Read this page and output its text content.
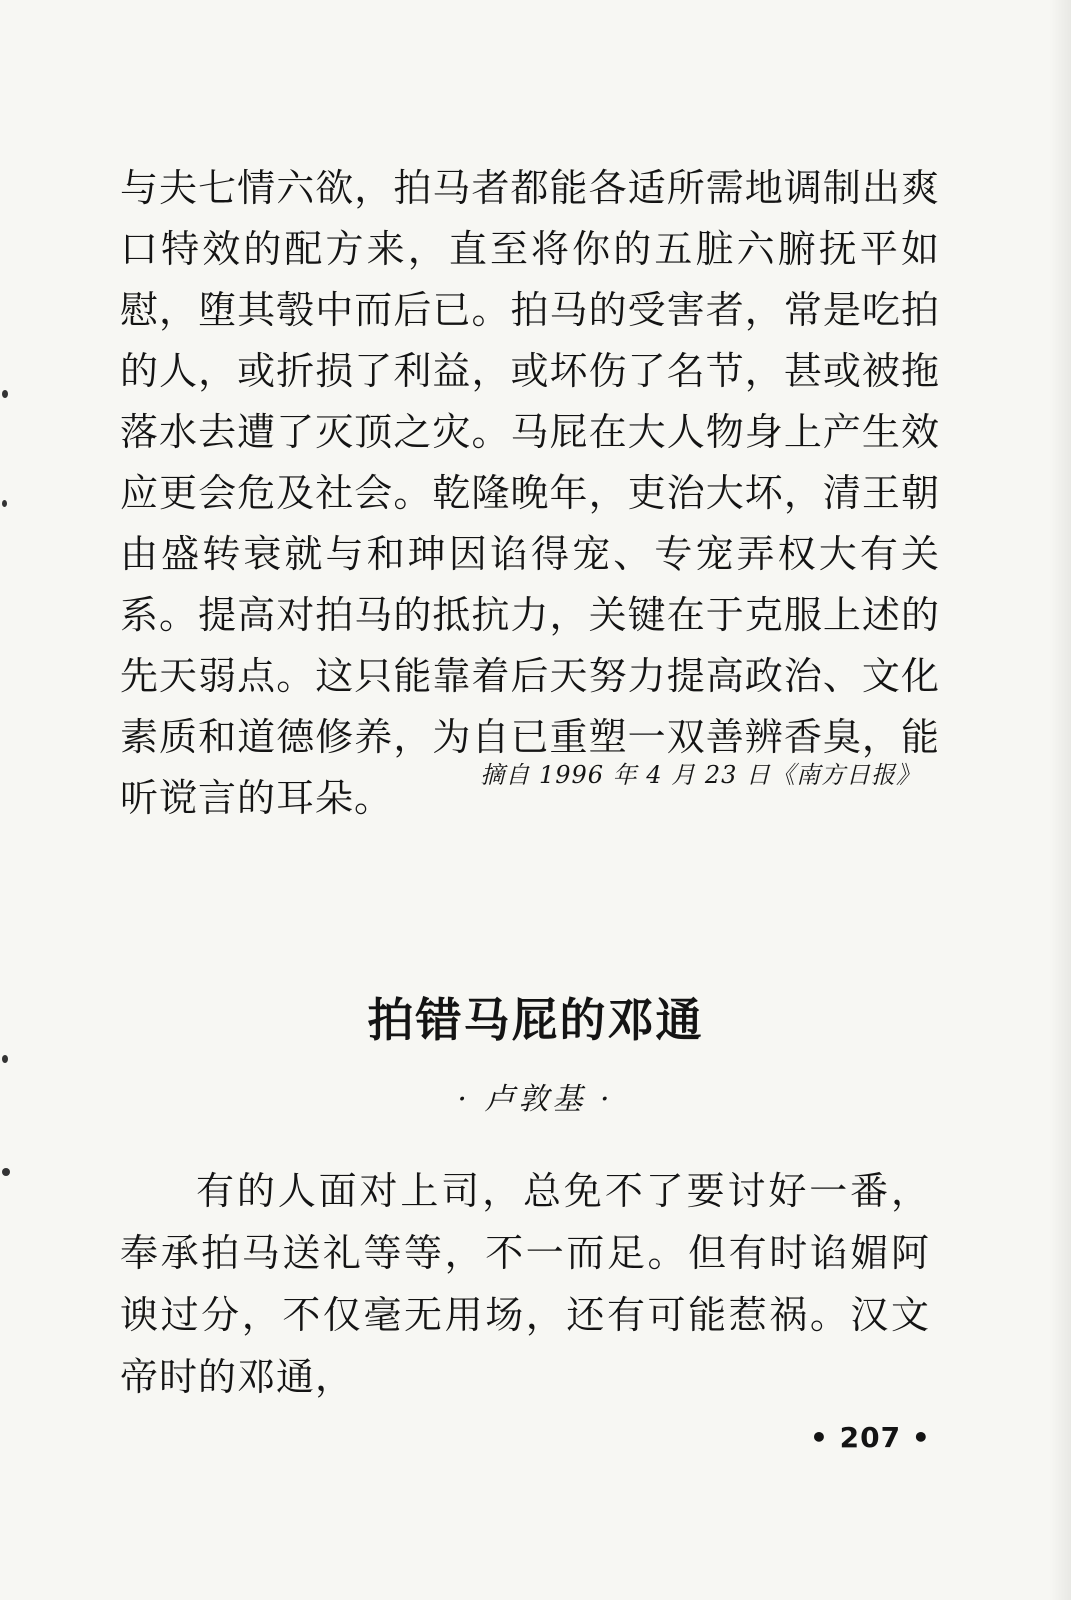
与夫七情六欲，拍马者都能各适所需地调制出爽口特效的配方来，直至将你的五脏六腑抚平如慰，堕其彀中而后已。拍马的受害者，常是吃拍的人，或折损了利益，或坏伤了名节，甚或被拖落水去遭了灭顶之灾。马屁在大人物身上产生效应更会危及社会。乾隆晚年，吏治大坏，清王朝由盛转衰就与和珅因谄得宠、专宠弄权大有关系。提高对拍马的抵抗力，关键在于克服上述的先天弱点。这只能靠着后天努力提高政治、文化素质和道德修养，为自已重塑一双善辨香臭，能听谠言的耳朵。

摘自 1996 年 4 月 23 日《南方日报》

拍错马屁的邓通

· 卢敦基 ·

有的人面对上司，总免不了要讨好一番，奉承拍马送礼等等，不一而足。但有时谄媚阿谀过分，不仅毫无用场，还有可能惹祸。汉文帝时的邓通，

• 207 •
